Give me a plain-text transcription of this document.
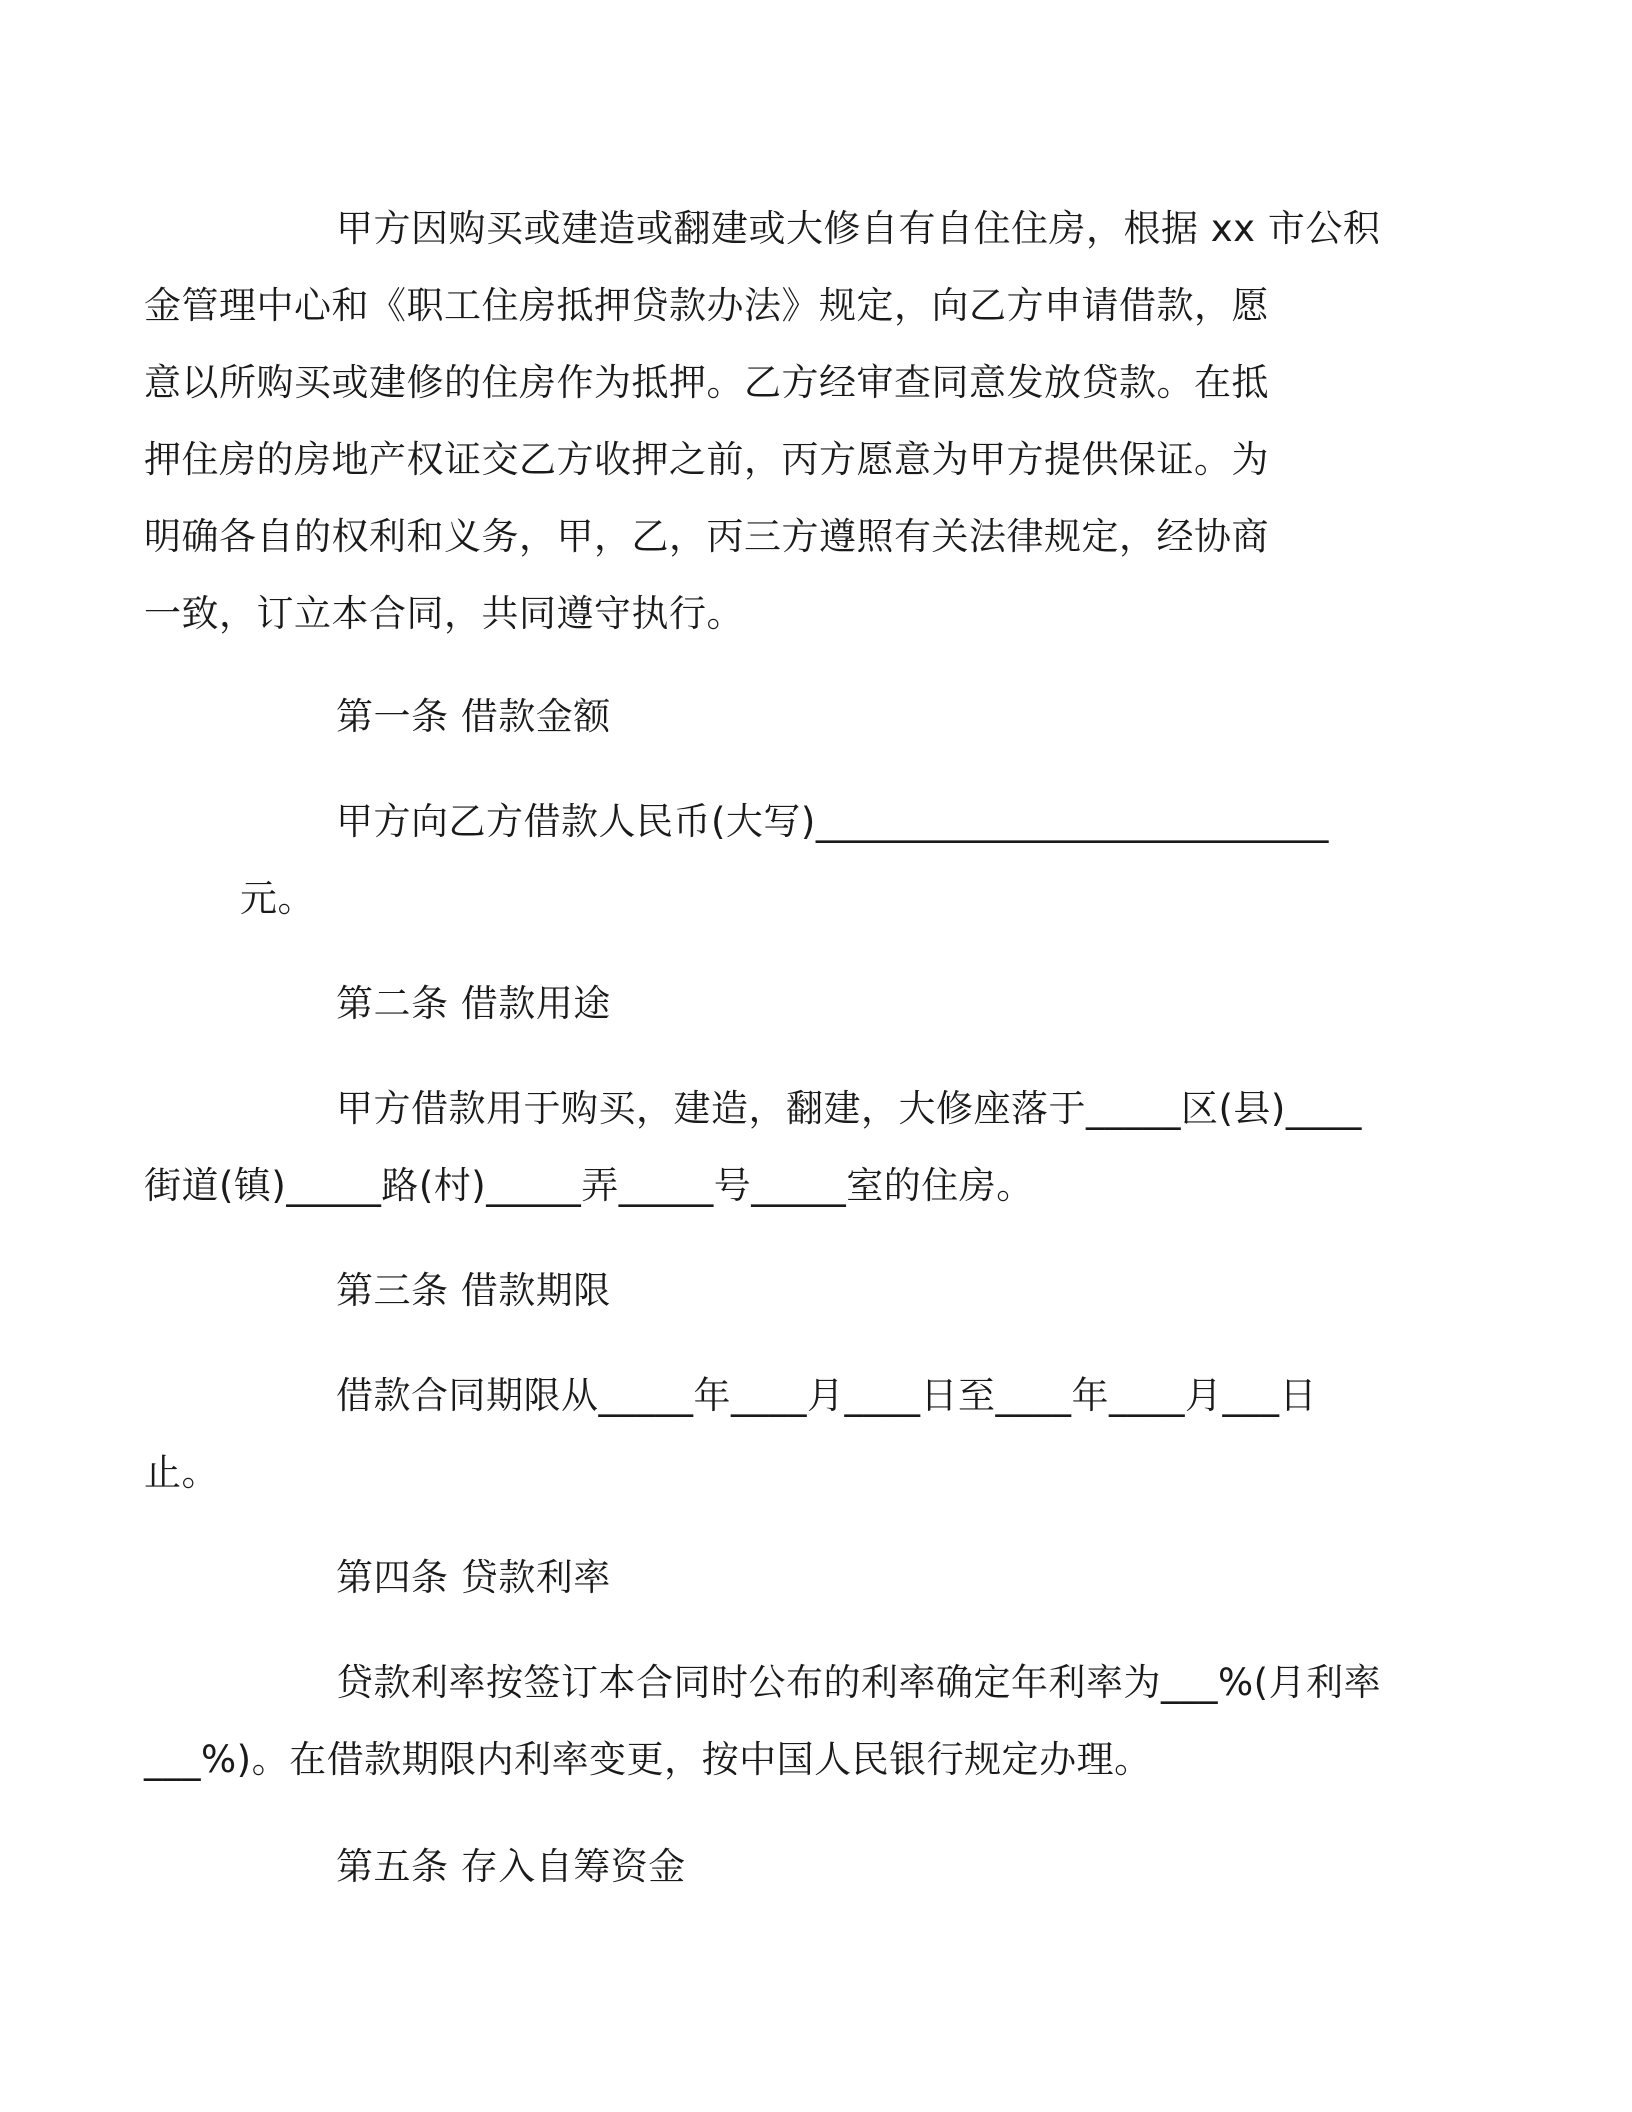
甲方因购买或建造或翻建或大修自有自住住房，根据 xx 市公积
金管理中心和《职工住房抵押贷款办法》规定，向乙方申请借款，愿
意以所购买或建修的住房作为抵押。乙方经审查同意发放贷款。在抵
押住房的房地产权证交乙方收押之前，丙方愿意为甲方提供保证。为
明确各自的权利和义务，甲，乙，丙三方遵照有关法律规定，经协商
一致，订立本合同，共同遵守执行。

第一条 借款金额

甲方向乙方借款人民币(大写)___________________________元。

第二条 借款用途

甲方借款用于购买，建造，翻建，大修座落于_____区(县)____
街道(镇)_____路(村)_____弄_____号_____室的住房。

第三条 借款期限

借款合同期限从_____年____月____日至____年____月___日
止。

第四条 贷款利率

贷款利率按签订本合同时公布的利率确定年利率为___%(月利率
___%)。在借款期限内利率变更，按中国人民银行规定办理。

第五条 存入自筹资金
